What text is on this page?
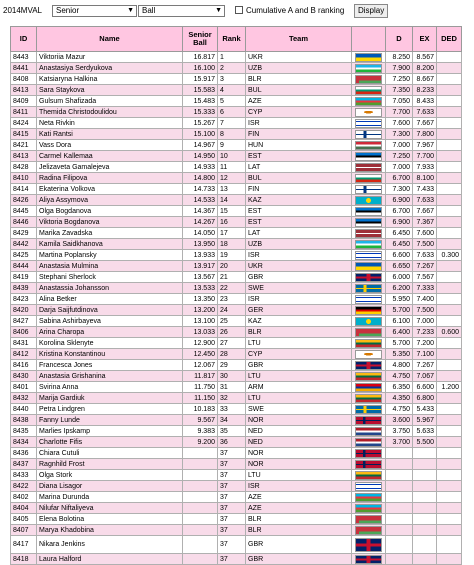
2014MVAL	Senior	▼	Ball	▼	Cumulative A and B ranking	Display
ID	Name	Senior Ball	Rank	Team		D	EX	DED
8443	Viktoriia Mazur	16.817	1	UKR		8.250	8.567	
8441	Anastasiya Serdyukova	16.100	2	UZB		7.900	8.200	
8408	Katsiaryna Halkina	15.917	3	BLR		7.250	8.667	
8413	Sara Staykova	15.583	4	BUL		7.350	8.233	
8409	Gulsum Shafizada	15.483	5	AZE		7.050	8.433	
8411	Themida Christodoulidou	15.333	6	CYP		7.700	7.633	
8424	Neta Rivkin	15.267	7	ISR		7.600	7.667	
8415	Kati Rantsi	15.100	8	FIN		7.300	7.800	
8421	Vass Dora	14.967	9	HUN		7.000	7.967	
8413	Carmel Kallemaa	14.950	10	EST		7.250	7.700	
8428	Jelizaveta Gamalejeva	14.933	11	LAT		7.000	7.933	
8410	Radina Filipova	14.800	12	BUL		6.700	8.100	
8414	Ekaterina Volkova	14.733	13	FIN		7.300	7.433	
8426	Aliya Assymova	14.533	14	KAZ		6.900	7.633	
8445	Olga Bogdanova	14.367	15	EST		6.700	7.667	
8446	Viktoria Bogdanova	14.267	16	EST		6.900	7.367	
8429	Marika Zavadska	14.050	17	LAT		6.450	7.600	
8442	Kamila Saidkhanova	13.950	18	UZB		6.450	7.500	
8425	Martina Poplansky	13.933	19	ISR		6.600	7.633	0.300
8444	Anastasia Mulmina	13.917	20	UKR		6.650	7.267	
8419	Stephani Sherlock	13.567	21	GBR		6.000	7.567	
8439	Anastassia Johansson	13.533	22	SWE		6.200	7.333	
8423	Alina Betker	13.350	23	ISR		5.950	7.400	
8420	Darja Saijfutdinova	13.200	24	GER		5.700	7.500	
8427	Sabina Ashirbayeva	13.100	25	KAZ		6.100	7.000	
8406	Arina Charopa	13.033	26	BLR		6.400	7.233	0.600
8431	Korolina Sklenyte	12.900	27	LTU		5.700	7.200	
8412	Kristina Konstantinou	12.450	28	CYP		5.350	7.100	
8416	Francesca Jones	12.067	29	GBR		4.800	7.267	
8430	Anastasia Grishanina	11.817	30	LTU		4.750	7.067	
8401	Svirina Anna	11.750	31	ARM		6.350	6.600	1.200
8432	Marija Gardiuk	11.150	32	LTU		4.350	6.800	
8440	Petra Lindgren	10.183	33	SWE		4.750	5.433	
8438	Fanny Lunde	9.567	34	NOR		3.600	5.967	
8435	Marlies Ipskamp	9.383	35	NED		3.750	5.633	
8434	Charlotte Fifis	9.200	36	NED		3.700	5.500	
8436	Chiara Cutuli		37	NOR	

8437	Ragnhild Frost		37	NOR	

8433	Olga Stork		37	LTU	

8422	Diana Lisagor		37	ISR	

8402	Marina Durunda		37	AZE	

8404	Nilufar Niftaliyeva		37	AZE	

8405	Elena Bolotina		37	BLR	

8407	Marya Khadobina		37	BLR	

8417	Nikara Jenkins		37	GBR	

8418	Laura Halford		37	GBR	
